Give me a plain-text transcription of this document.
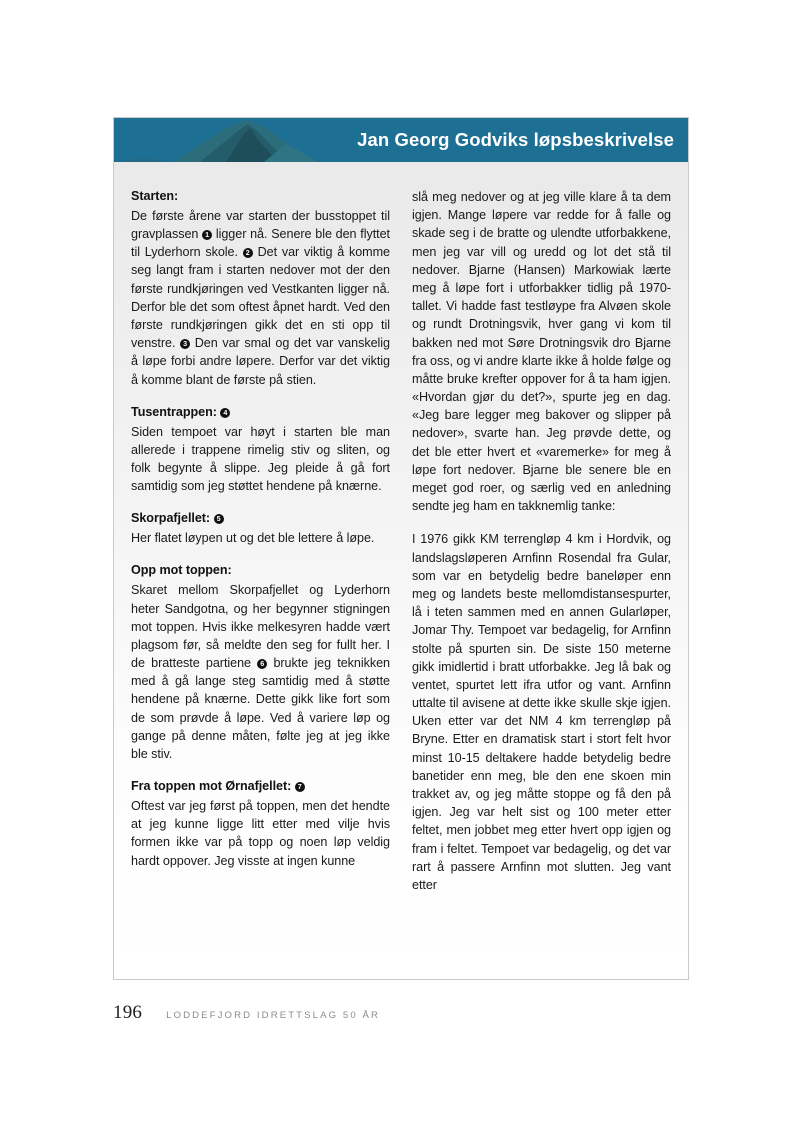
Jan Georg Godviks løpsbeskrivelse
Starten:

De første årene var starten der busstoppet til gravplassen 1 ligger nå. Senere ble den flyttet til Lyderhorn skole. 2 Det var viktig å komme seg langt fram i starten nedover mot der den første rundkjøringen ved Vestkanten ligger nå. Derfor ble det som oftest åpnet hardt. Ved den første rundkjøringen gikk det en sti opp til venstre. 3 Den var smal og det var vanskelig å løpe forbi andre løpere. Derfor var det viktig å komme blant de første på stien.

Tusentrappen: 4

Siden tempoet var høyt i starten ble man allerede i trappene rimelig stiv og sliten, og folk begynte å slippe. Jeg pleide å gå fort samtidig som jeg støttet hendene på knærne.

Skorpafjellet: 5

Her flatet løypen ut og det ble lettere å løpe.

Opp mot toppen:

Skaret mellom Skorpafjellet og Lyderhorn heter Sandgotna, og her begynner stigningen mot toppen. Hvis ikke melkesyren hadde vært plagsom før, så meldte den seg for fullt her. I de bratteste partiene 6 brukte jeg teknikken med å gå lange steg samtidig med å støtte hendene på knærne. Dette gikk like fort som de som prøvde å løpe. Ved å variere løp og gange på denne måten, følte jeg at jeg ikke ble stiv.

Fra toppen mot Ørnafjellet: 7

Oftest var jeg først på toppen, men det hendte at jeg kunne ligge litt etter med vilje hvis formen ikke var på topp og noen løp veldig hardt oppover. Jeg visste at ingen kunne

slå meg nedover og at jeg ville klare å ta dem igjen. Mange løpere var redde for å falle og skade seg i de bratte og ulendte utforbakkene, men jeg var vill og uredd og lot det stå til nedover. Bjarne (Hansen) Markowiak lærte meg å løpe fort i utforbakker tidlig på 1970-tallet. Vi hadde fast testløype fra Alvøen skole og rundt Drotningsvik, hver gang vi kom til bakken ned mot Søre Drotningsvik dro Bjarne fra oss, og vi andre klarte ikke å holde følge og måtte bruke krefter oppover for å ta ham igjen. «Hvordan gjør du det?», spurte jeg en dag. «Jeg bare legger meg bakover og slipper på nedover», svarte han. Jeg prøvde dette, og det ble etter hvert et «varemerke» for meg å løpe fort nedover. Bjarne ble senere ble en meget god roer, og særlig ved en anledning sendte jeg ham en takknemlig tanke:

I 1976 gikk KM terrengløp 4 km i Hordvik, og landslagsløperen Arnfinn Rosendal fra Gular, som var en betydelig bedre baneløper enn meg og landets beste mellomdistansespurter, lå i teten sammen med en annen Gularløper, Jomar Thy. Tempoet var bedagelig, for Arnfinn stolte på spurten sin. De siste 150 meterne gikk imidlertid i bratt utforbakke. Jeg lå bak og ventet, spurtet lett ifra utfor og vant. Arnfinn uttalte til avisene at dette ikke skulle skje igjen. Uken etter var det NM 4 km terrengløp på Bryne. Etter en dramatisk start i stort felt hvor minst 10-15 deltakere hadde betydelig bedre banetider enn meg, ble den ene skoen min trakket av, og jeg måtte stoppe og få den på igjen. Jeg var helt sist og 100 meter etter feltet, men jobbet meg etter hvert opp igjen og fram i feltet. Tempoet var bedagelig, og det var rart å passere Arnfinn mot slutten. Jeg vant etter

196	LODDEFJORD IDRETTSLAG 50 ÅR
